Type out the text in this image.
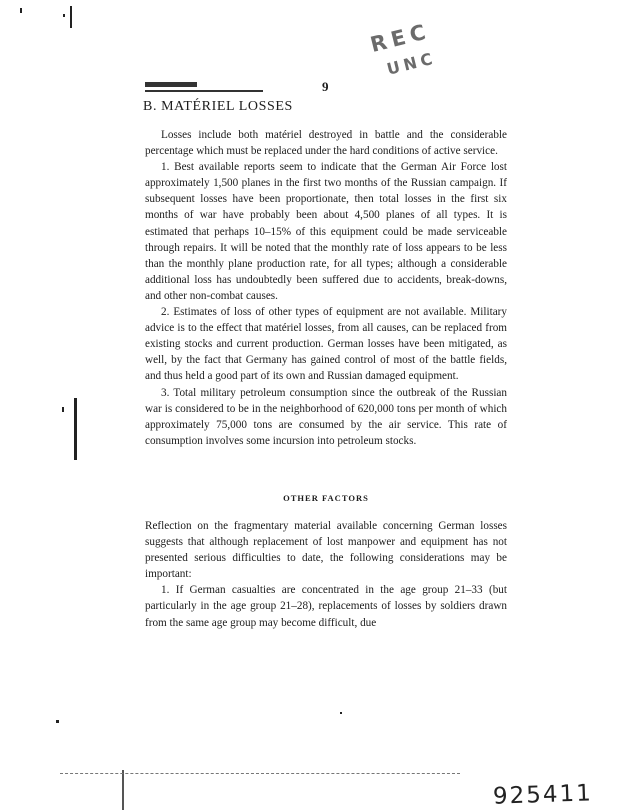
REC
UNC

9

B. MATÉRIEL LOSSES

Losses include both matériel destroyed in battle and the considerable percentage which must be replaced under the hard conditions of active service.

1. Best available reports seem to indicate that the German Air Force lost approximately 1,500 planes in the first two months of the Russian campaign. If subsequent losses have been proportionate, then total losses in the first six months of war have probably been about 4,500 planes of all types. It is estimated that perhaps 10–15% of this equipment could be made serviceable through repairs. It will be noted that the monthly rate of loss appears to be less than the monthly plane production rate, for all types; although a considerable additional loss has undoubtedly been suffered due to accidents, break-downs, and other non-combat causes.

2. Estimates of loss of other types of equipment are not available. Military advice is to the effect that matériel losses, from all causes, can be replaced from existing stocks and current production. German losses have been mitigated, as well, by the fact that Germany has gained control of most of the battle fields, and thus held a good part of its own and Russian damaged equipment.

3. Total military petroleum consumption since the outbreak of the Russian war is considered to be in the neighborhood of 620,000 tons per month of which approximately 75,000 tons are consumed by the air service. This rate of consumption involves some incursion into petroleum stocks.

OTHER FACTORS

Reflection on the fragmentary material available concerning German losses suggests that although replacement of lost manpower and equipment has not presented serious difficulties to date, the following considerations may be important:

1. If German casualties are concentrated in the age group 21–33 (but particularly in the age group 21–28), replacements of losses by soldiers drawn from the same age group may become difficult, due

925411
